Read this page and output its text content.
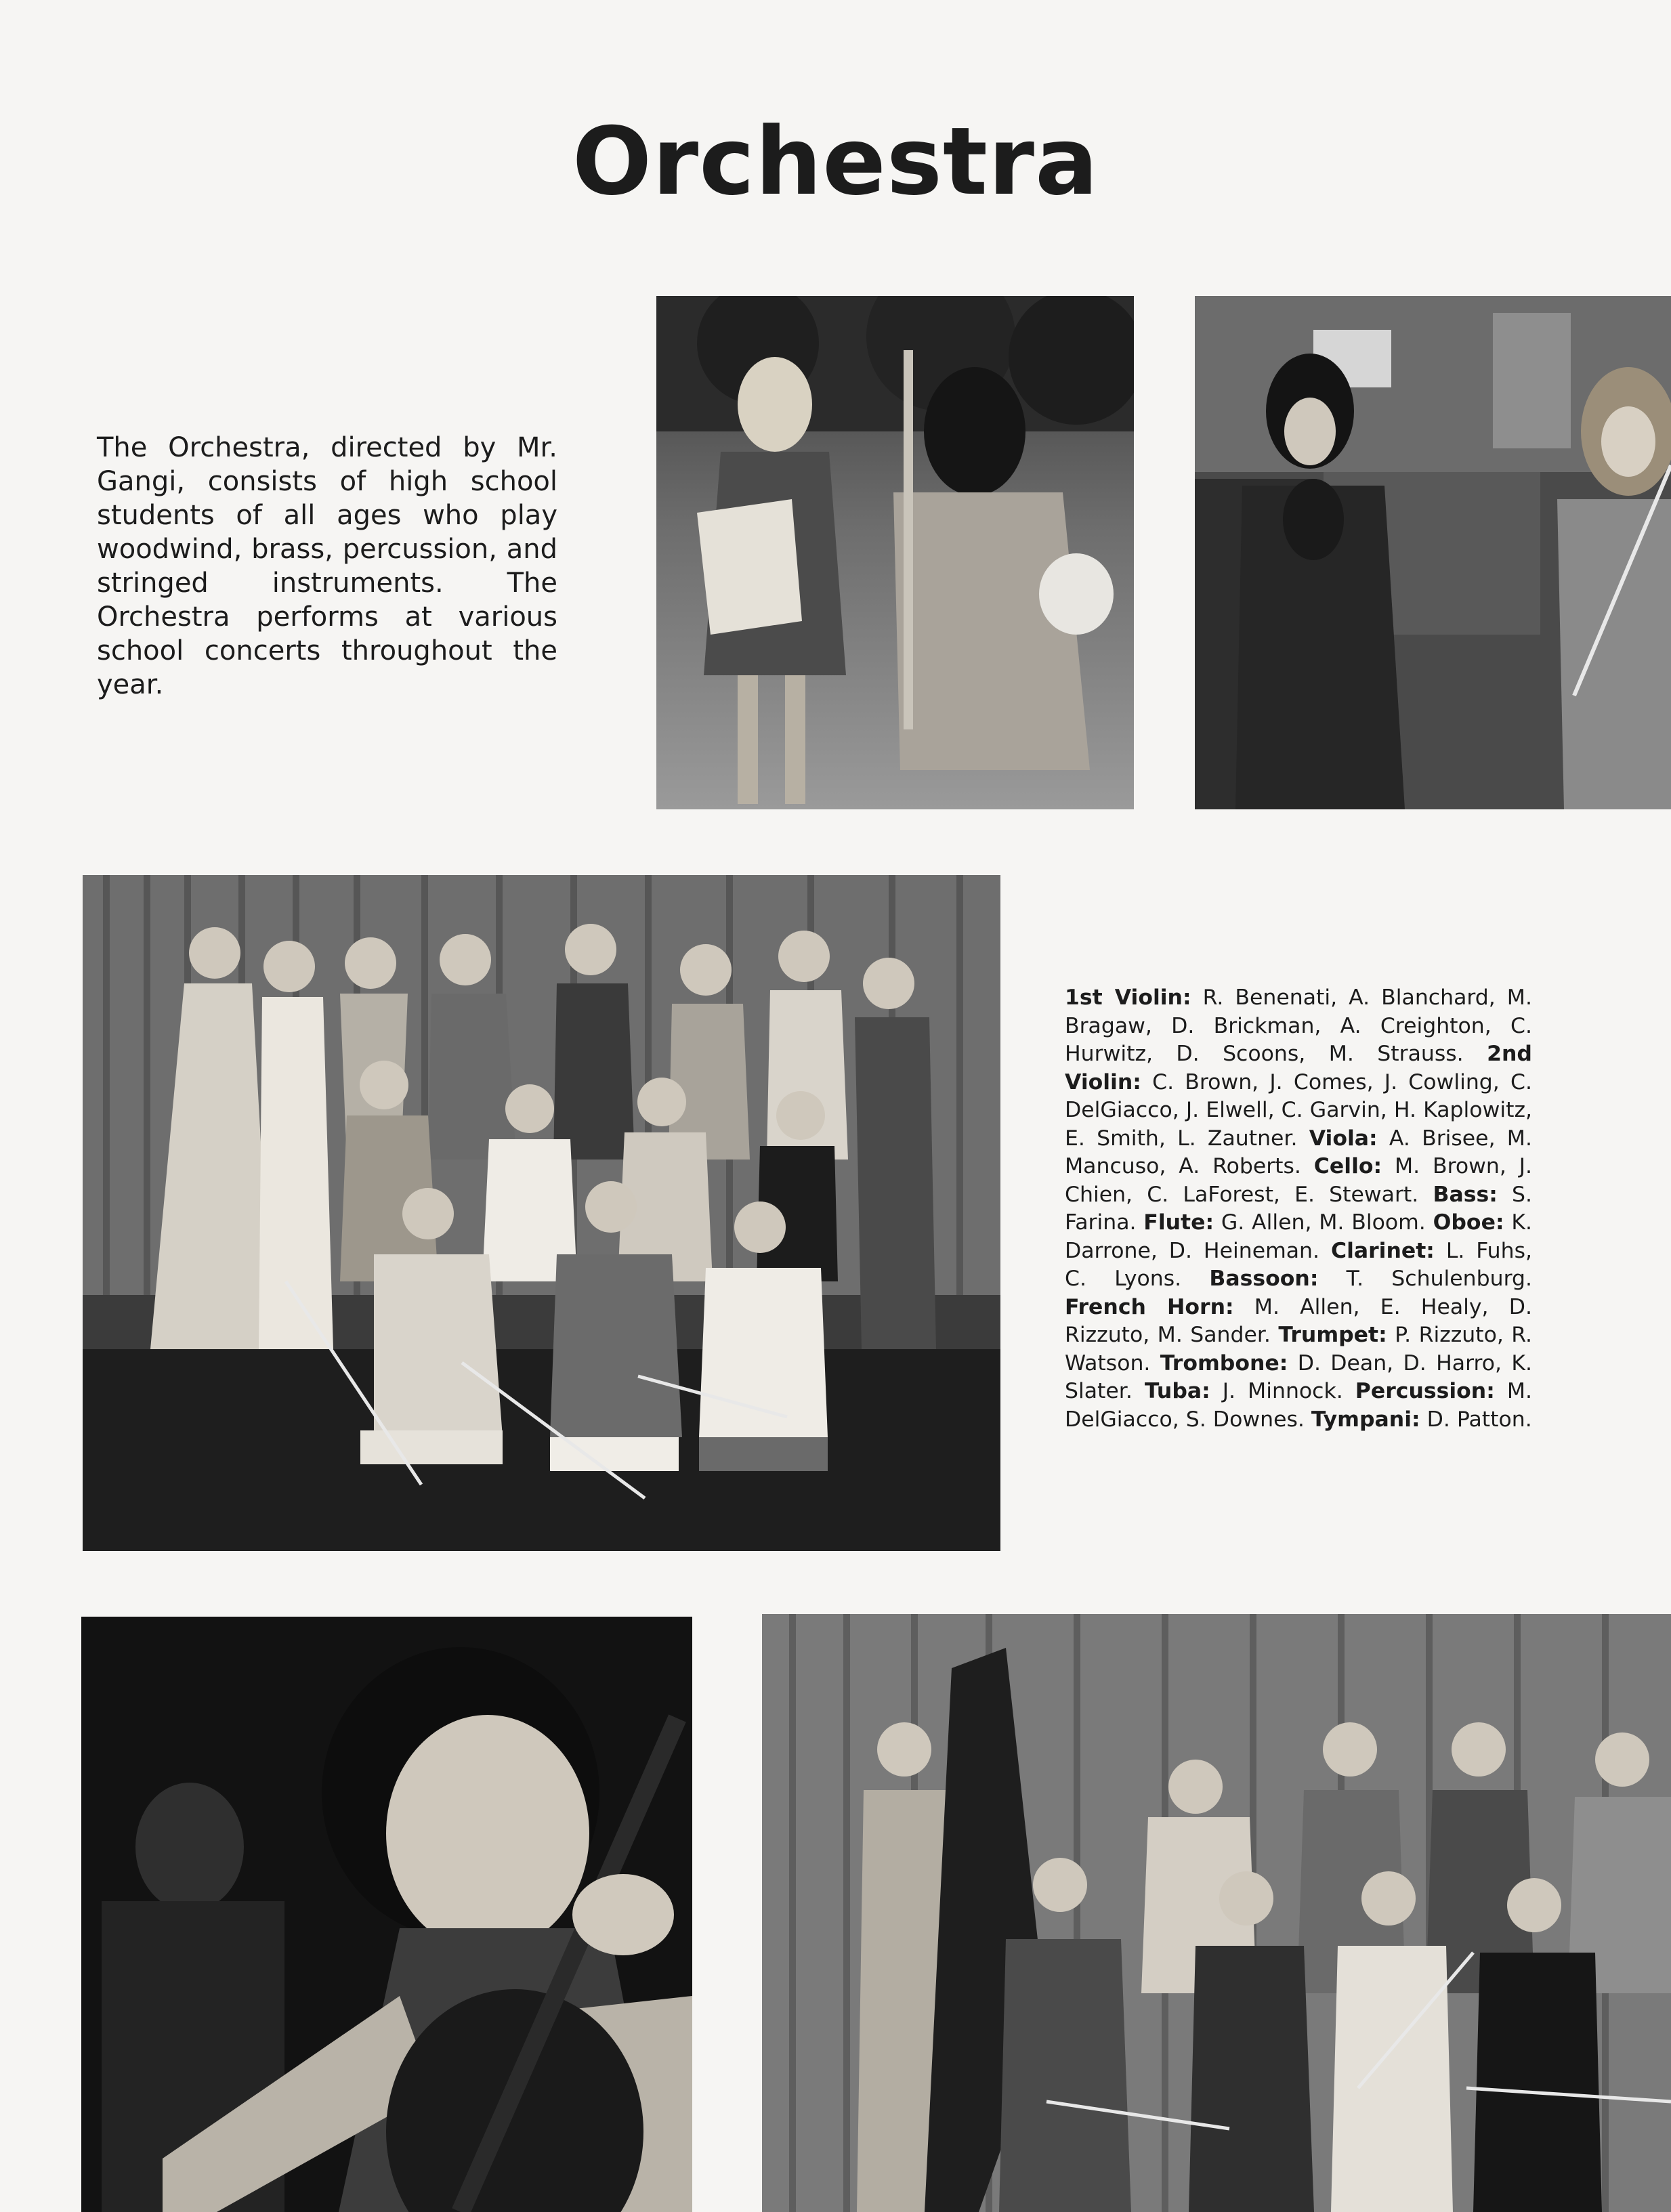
Orchestra

The Orchestra, directed by Mr. Gangi, consists of high school students of all ages who play woodwind, brass, percussion, and stringed instruments. The Orchestra performs at various school concerts throughout the year.

1st Violin: R. Benenati, A. Blanchard, M. Bragaw, D. Brickman, A. Creighton, C. Hurwitz, D. Scoons, M. Strauss. 2nd Violin: C. Brown, J. Comes, J. Cowling, C. DelGiacco, J. Elwell, C. Garvin, H. Kaplowitz, E. Smith, L. Zautner. Viola: A. Brisee, M. Mancuso, A. Roberts. Cello: M. Brown, J. Chien, C. LaForest, E. Stewart. Bass: S. Farina. Flute: G. Allen, M. Bloom. Oboe: K. Darrone, D. Heineman. Clarinet: L. Fuhs, C. Lyons. Bassoon: T. Schulenburg. French Horn: M. Allen, E. Healy, D. Rizzuto, M. Sander. Trumpet: P. Rizzuto, R. Watson. Trombone: D. Dean, D. Harro, K. Slater. Tuba: J. Minnock. Percussion: M. DelGiacco, S. Downes. Tympani: D. Patton.
